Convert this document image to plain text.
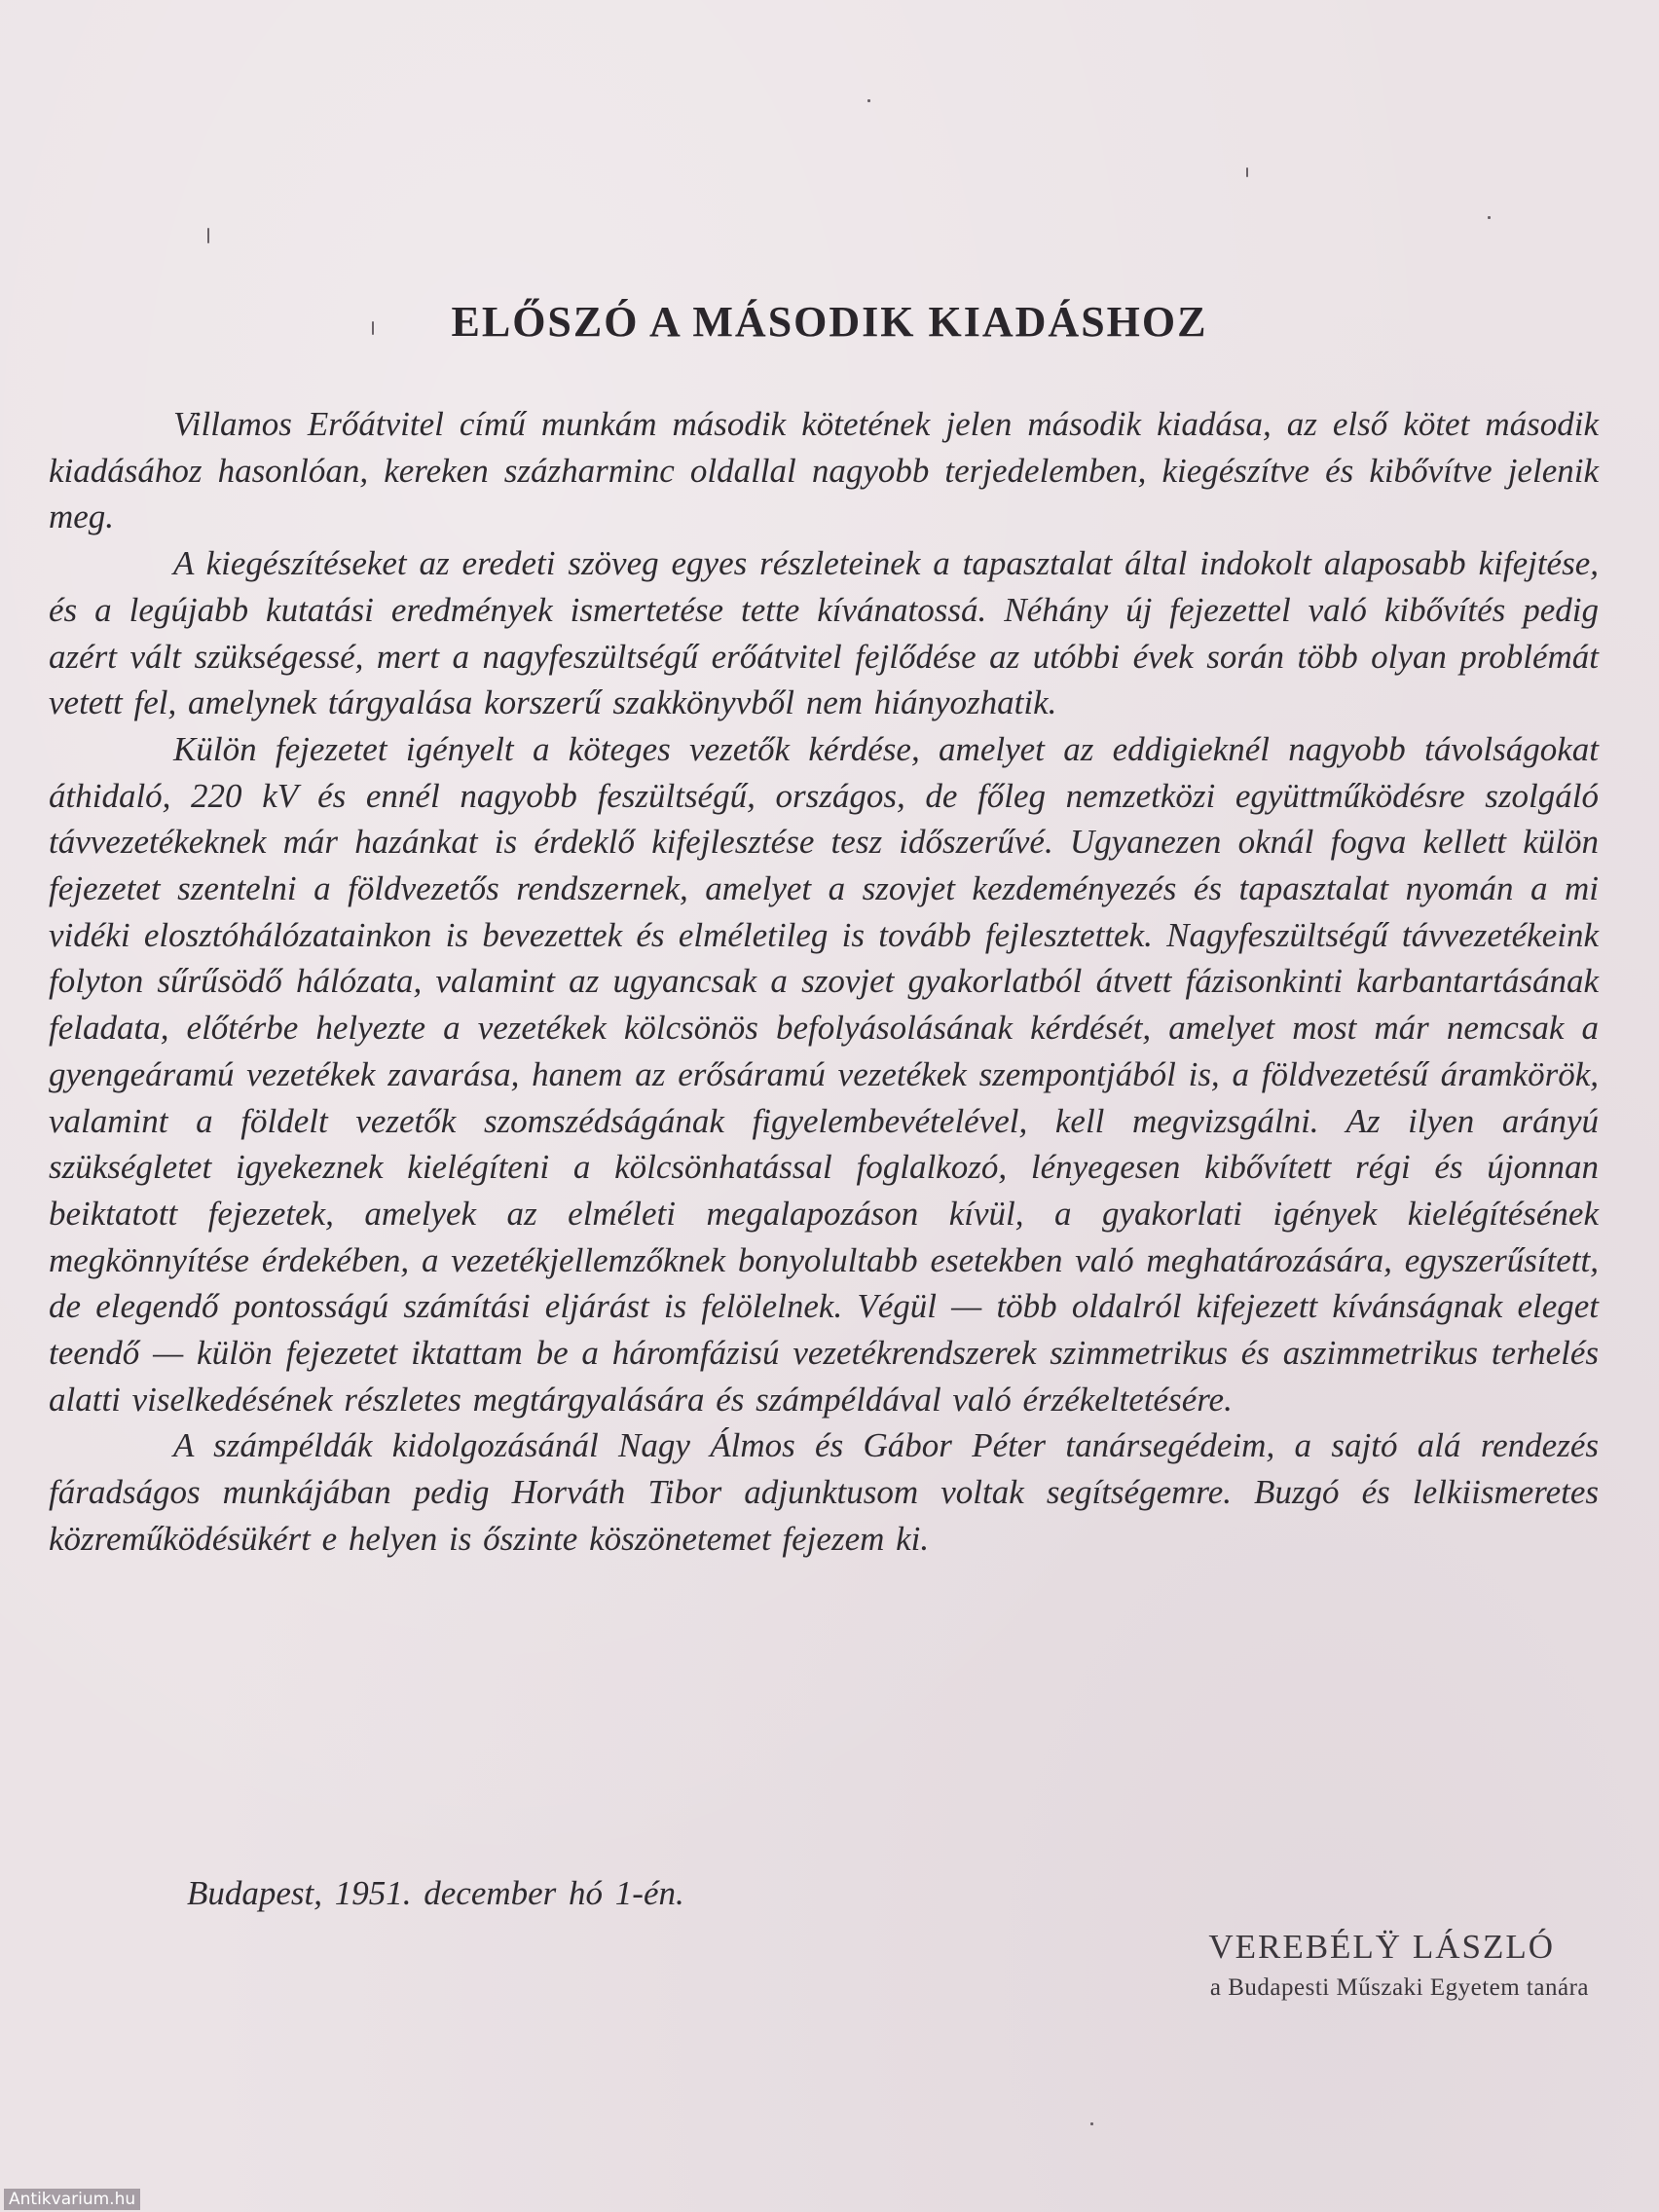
ELŐSZÓ A MÁSODIK KIADÁSHOZ

Villamos Erőátvitel című munkám második kötetének jelen második kiadása, az első kötet második kiadásához hasonlóan, kereken százharminc oldallal nagyobb terjedelemben, kiegészítve és kibővítve jelenik meg.

A kiegészítéseket az eredeti szöveg egyes részleteinek a tapasztalat által indokolt alaposabb kifejtése, és a legújabb kutatási eredmények ismertetése tette kívánatossá. Néhány új fejezettel való kibővítés pedig azért vált szükségessé, mert a nagyfeszültségű erőátvitel fejlődése az utóbbi évek során több olyan problémát vetett fel, amelynek tárgyalása korszerű szakkönyvből nem hiányozhatik.

Külön fejezetet igényelt a köteges vezetők kérdése, amelyet az eddigieknél nagyobb távolságokat áthidaló, 220 kV és ennél nagyobb feszültségű, országos, de főleg nemzetközi együttműködésre szolgáló távvezetékeknek már hazánkat is érdeklő kifejlesztése tesz időszerűvé. Ugyanezen oknál fogva kellett külön fejezetet szentelni a földvezetős rendszernek, amelyet a szovjet kezdeményezés és tapasztalat nyomán a mi vidéki elosztóhálózatainkon is bevezettek és elméletileg is tovább fejlesztettek. Nagyfeszültségű távvezetékeink folyton sűrűsödő hálózata, valamint az ugyancsak a szovjet gyakorlatból átvett fázisonkinti karbantartásának feladata, előtérbe helyezte a vezetékek kölcsönös befolyásolásának kérdését, amelyet most már nemcsak a gyengeáramú vezetékek zavarása, hanem az erősáramú vezetékek szempontjából is, a földvezetésű áramkörök, valamint a földelt vezetők szomszédságának figyelembevételével, kell megvizsgálni. Az ilyen arányú szükségletet igyekeznek kielégíteni a kölcsönhatással foglalkozó, lényegesen kibővített régi és újonnan beiktatott fejezetek, amelyek az elméleti megalapozáson kívül, a gyakorlati igények kielégítésének megkönnyítése érdekében, a vezetékjellemzőknek bonyolultabb esetekben való meghatározására, egyszerűsített, de elegendő pontosságú számítási eljárást is felölelnek. Végül — több oldalról kifejezett kívánságnak eleget teendő — külön fejezetet iktattam be a háromfázisú vezetékrendszerek szimmetrikus és aszimmetrikus terhelés alatti viselkedésének részletes megtárgyalására és számpéldával való érzékeltetésére.

A számpéldák kidolgozásánál Nagy Álmos és Gábor Péter tanársegédeim, a sajtó alá rendezés fáradságos munkájában pedig Horváth Tibor adjunktusom voltak segítségemre. Buzgó és lelkiismeretes közreműködésükért e helyen is őszinte köszönetemet fejezem ki.

Budapest, 1951. december hó 1-én.
VEREBÉLŸ LÁSZLÓ
a Budapesti Műszaki Egyetem tanára
Antikvarium.hu
